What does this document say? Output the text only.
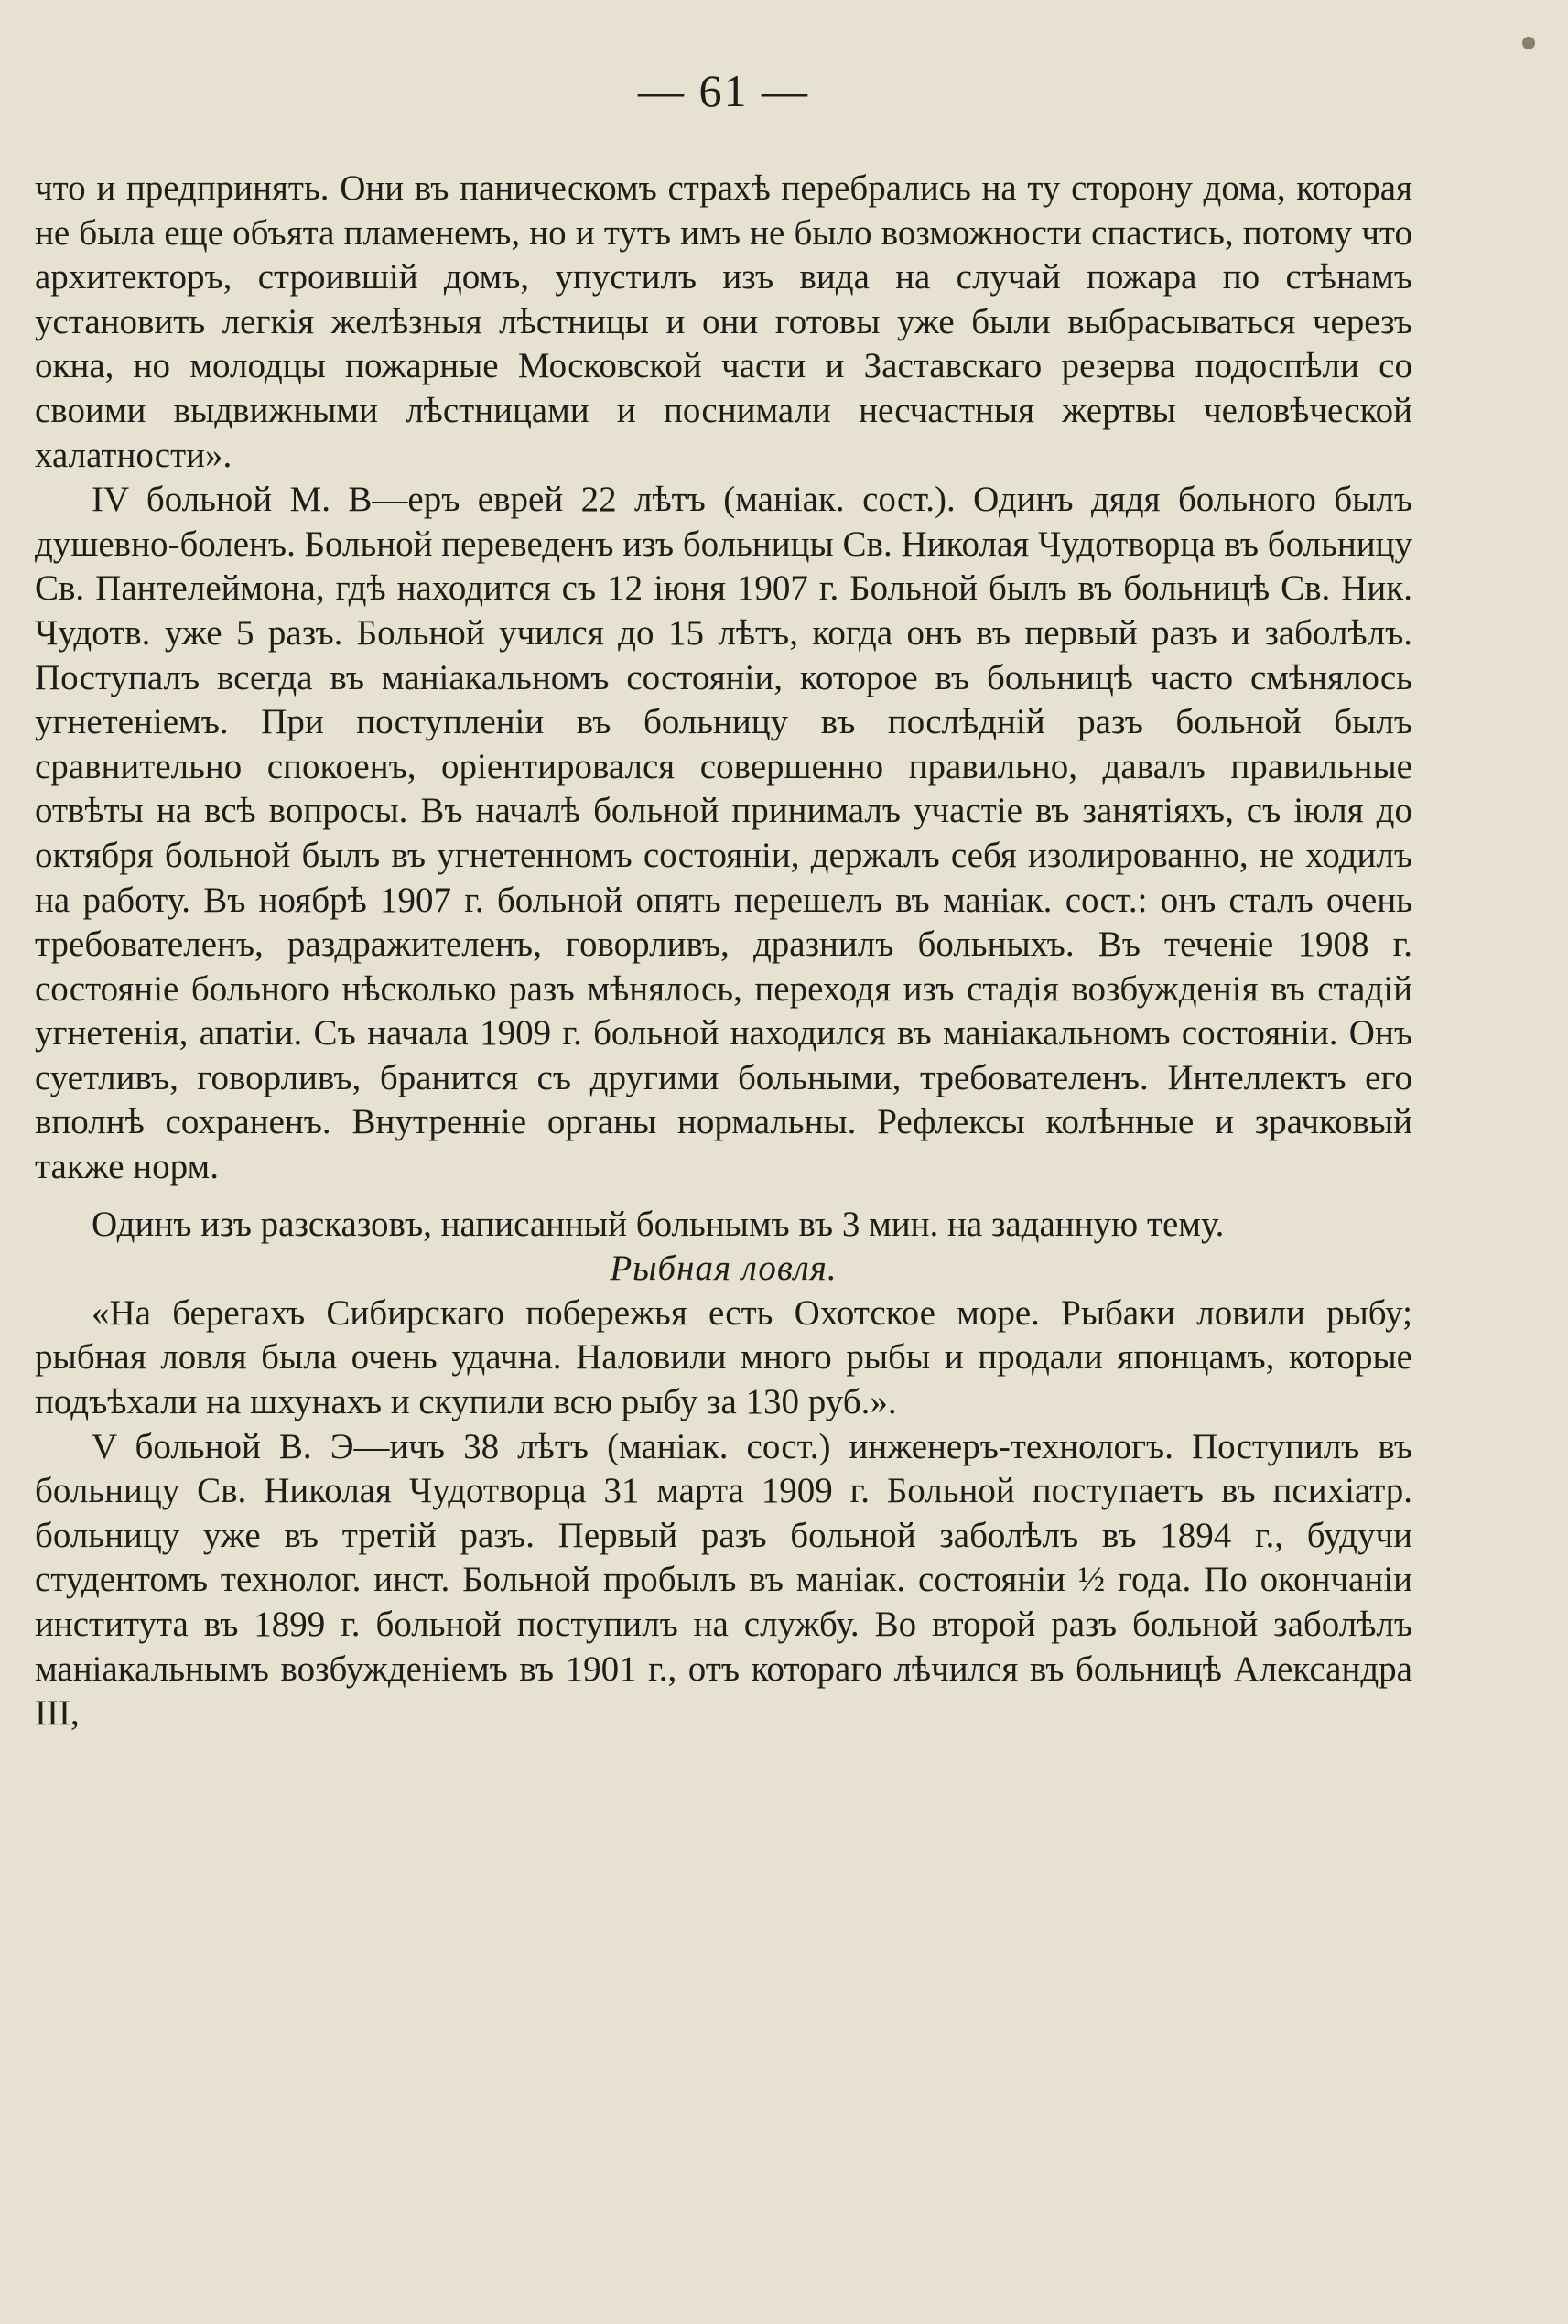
— 61 —

что и предпринять. Они въ паническомъ страхѣ перебрались на ту сторону дома, которая не была еще объята пламенемъ, но и тутъ имъ не было возможности спастись, потому что архитекторъ, строившій домъ, упустилъ изъ вида на случай пожара по стѣнамъ установить легкія желѣзныя лѣстницы и они готовы уже были выбрасываться черезъ окна, но молодцы пожарные Московской части и Заставскаго резерва подоспѣли со своими выдвижными лѣстницами и поснимали несчастныя жертвы человѣческой халатности».

IV больной М. В—еръ еврей 22 лѣтъ (маніак. сост.). Одинъ дядя больного былъ душевно-боленъ. Больной переведенъ изъ больницы Св. Николая Чудотворца въ больницу Св. Пантелеймона, гдѣ находится съ 12 іюня 1907 г. Больной былъ въ больницѣ Св. Ник. Чудотв. уже 5 разъ. Больной учился до 15 лѣтъ, когда онъ въ первый разъ и заболѣлъ. Поступалъ всегда въ маніакальномъ состояніи, которое въ больницѣ часто смѣнялось угнетеніемъ. При поступленіи въ больницу въ послѣдній разъ больной былъ сравнительно спокоенъ, оріентировался совершенно правильно, давалъ правильные отвѣты на всѣ вопросы. Въ началѣ больной принималъ участіе въ занятіяхъ, съ іюля до октября больной былъ въ угнетенномъ состояніи, держалъ себя изолированно, не ходилъ на работу. Въ ноябрѣ 1907 г. больной опять перешелъ въ маніак. сост.: онъ сталъ очень требователенъ, раздражителенъ, говорливъ, дразнилъ больныхъ. Въ теченіе 1908 г. состояніе больного нѣсколько разъ мѣнялось, переходя изъ стадія возбужденія въ стадій угнетенія, апатіи. Съ начала 1909 г. больной находился въ маніакальномъ состояніи. Онъ суетливъ, говорливъ, бранится съ другими больными, требователенъ. Интеллектъ его вполнѣ сохраненъ. Внутренніе органы нормальны. Рефлексы колѣнные и зрачковый также норм.

Одинъ изъ разсказовъ, написанный больнымъ въ 3 мин. на заданную тему.

Рыбная ловля.

«На берегахъ Сибирскаго побережья есть Охотское море. Рыбаки ловили рыбу; рыбная ловля была очень удачна. Наловили много рыбы и продали японцамъ, которые подъѣхали на шхунахъ и скупили всю рыбу за 130 руб.».

V больной В. Э—ичъ 38 лѣтъ (маніак. сост.) инженеръ-технологъ. Поступилъ въ больницу Св. Николая Чудотворца 31 марта 1909 г. Больной поступаетъ въ психіатр. больницу уже въ третій разъ. Первый разъ больной заболѣлъ въ 1894 г., будучи студентомъ технолог. инст. Больной пробылъ въ маніак. состояніи ½ года. По окончаніи института въ 1899 г. больной поступилъ на службу. Во второй разъ больной заболѣлъ маніакальнымъ возбужденіемъ въ 1901 г., отъ котораго лѣчился въ больницѣ Александра III,
